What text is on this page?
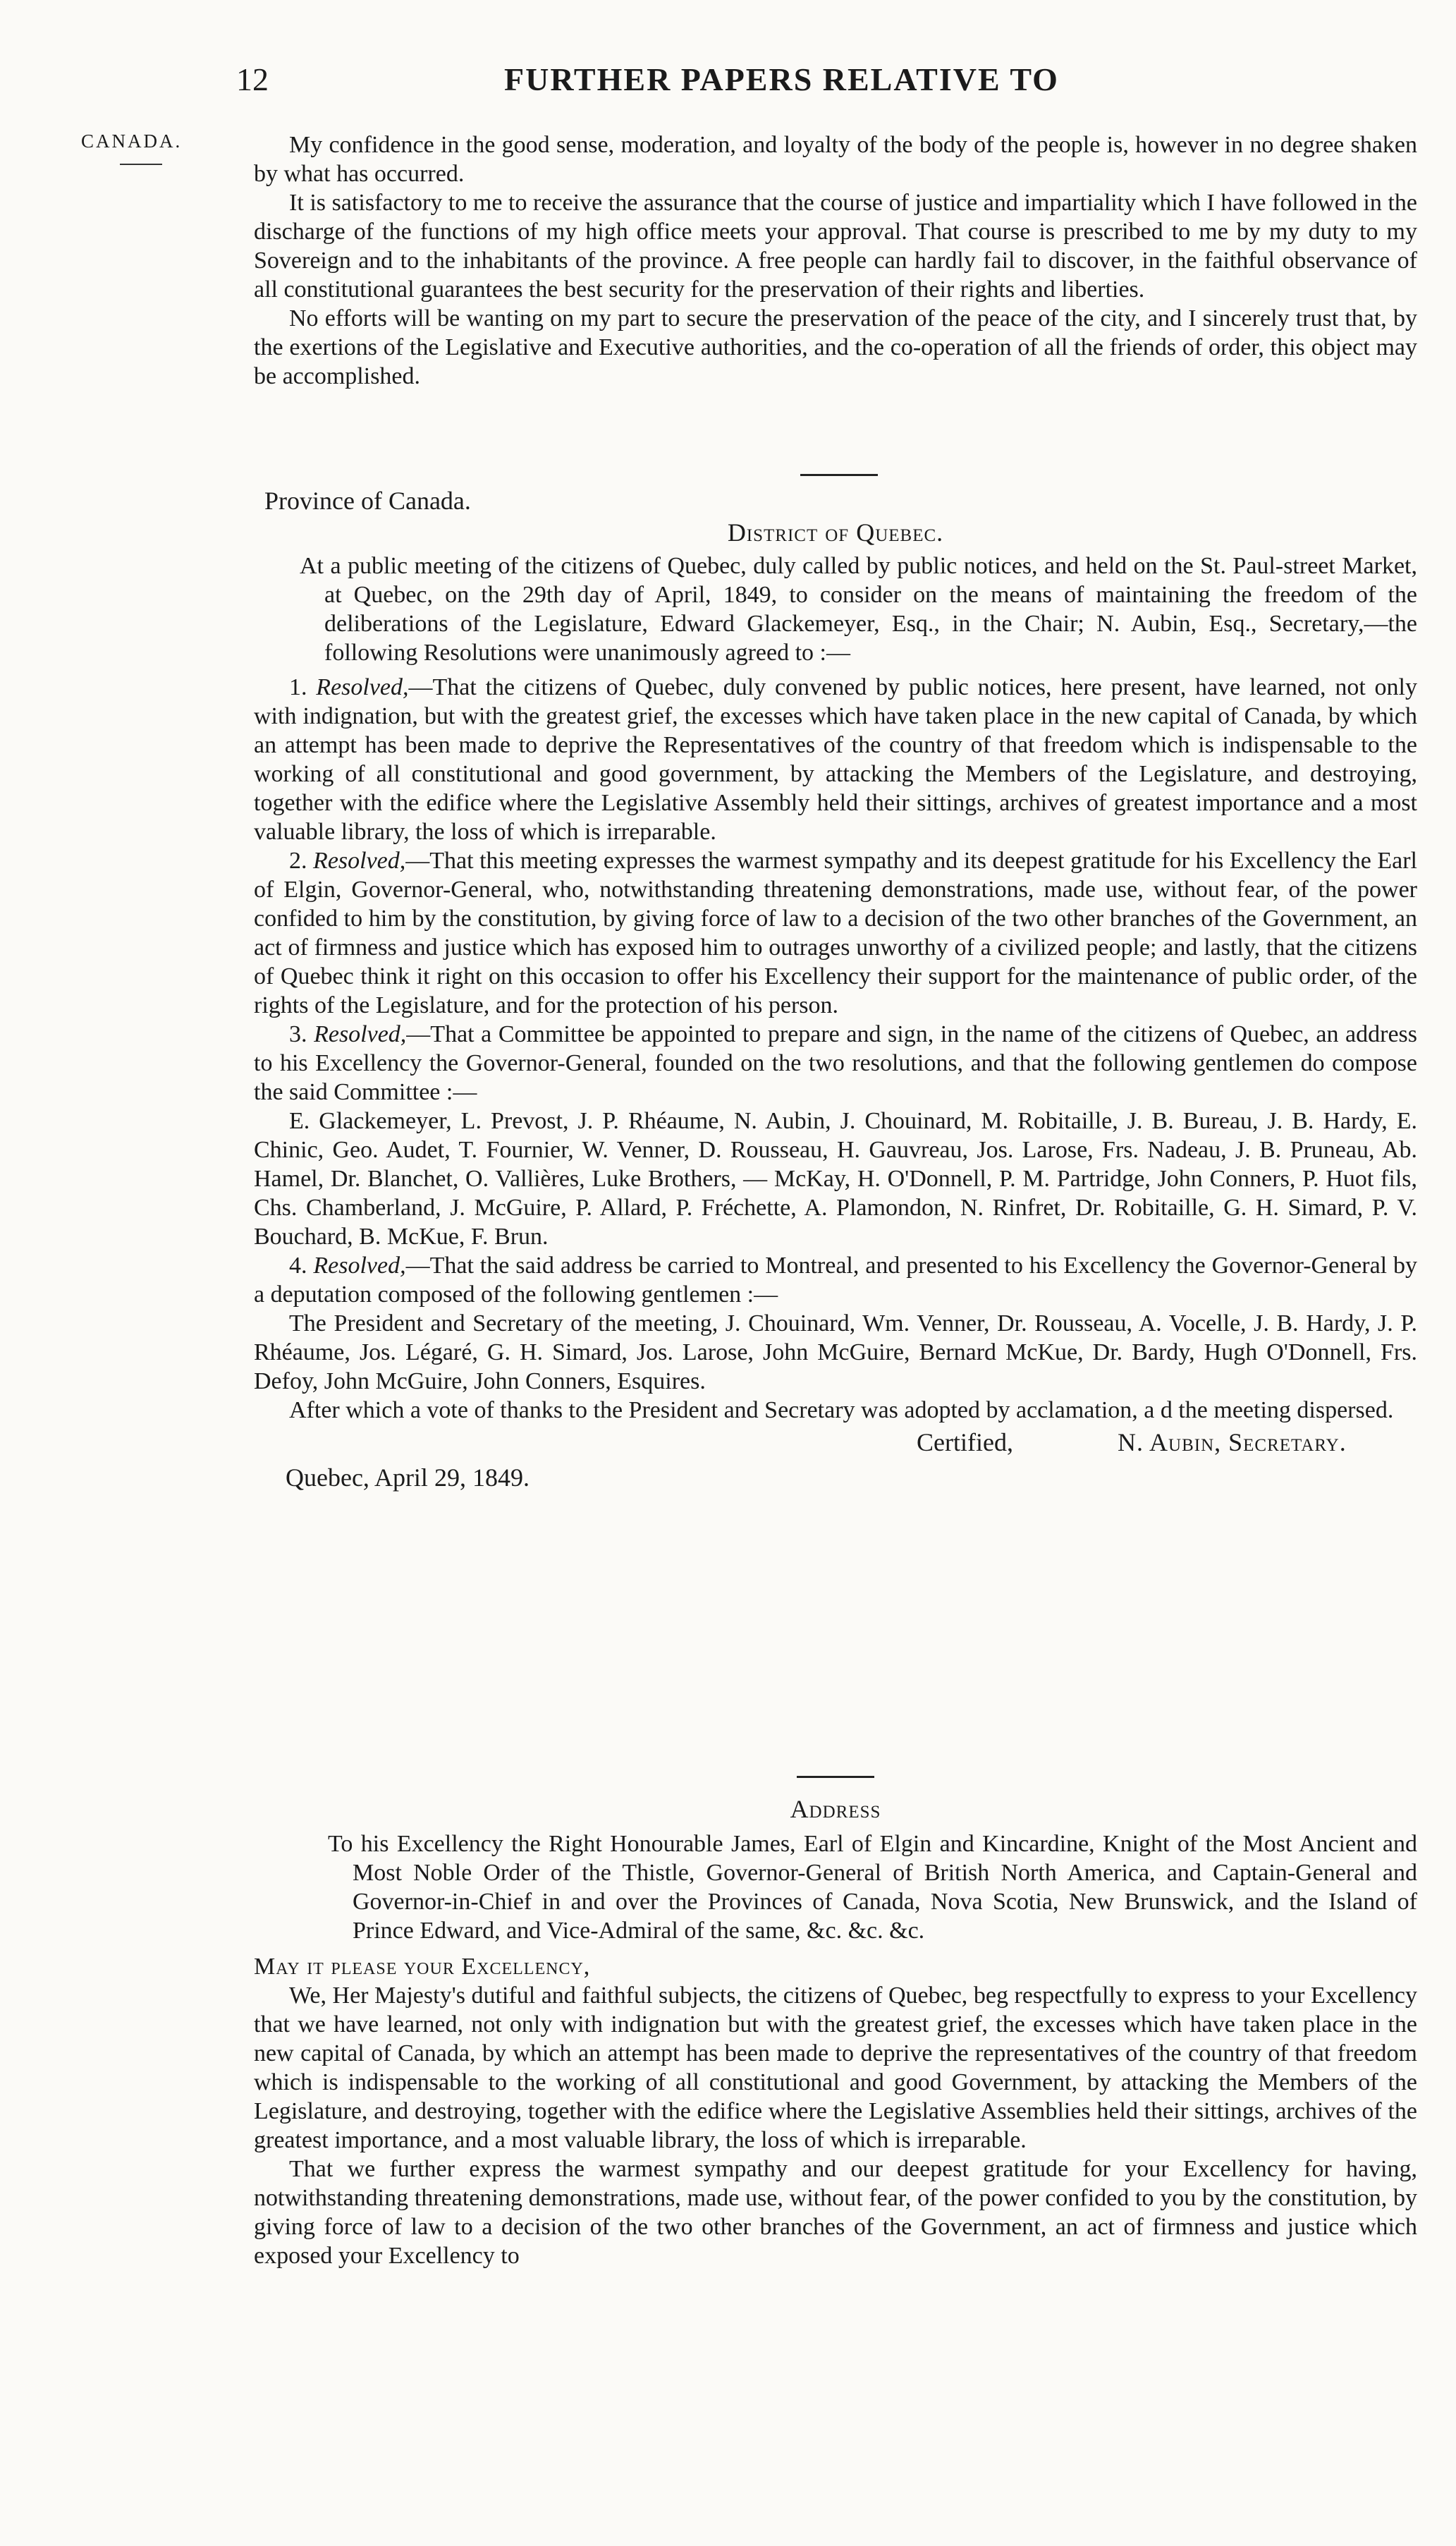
12	FURTHER PAPERS RELATIVE TO
CANADA.	My confidence in the good sense, moderation, and loyalty of the body of the people is, however in no degree shaken by what has occurred.

It is satisfactory to me to receive the assurance that the course of justice and impartiality which I have followed in the discharge of the functions of my high office meets your approval. That course is prescribed to me by my duty to my Sovereign and to the inhabitants of the province. A free people can hardly fail to discover, in the faithful observance of all constitutional guarantees the best security for the preservation of their rights and liberties.

No efforts will be wanting on my part to secure the preservation of the peace of the city, and I sincerely trust that, by the exertions of the Legislative and Executive authorities, and the co-operation of all the friends of order, this object may be accomplished.

Province of Canada.

District of Quebec.

At a public meeting of the citizens of Quebec, duly called by public notices, and held on the St. Paul-street Market, at Quebec, on the 29th day of April, 1849, to consider on the means of maintaining the freedom of the deliberations of the Legislature, Edward Glackemeyer, Esq., in the Chair; N. Aubin, Esq., Secretary,—the following Resolutions were unanimously agreed to :—

1. Resolved,—That the citizens of Quebec, duly convened by public notices, here present, have learned, not only with indignation, but with the greatest grief, the excesses which have taken place in the new capital of Canada, by which an attempt has been made to deprive the Representatives of the country of that freedom which is indispensable to the working of all constitutional and good government, by attacking the Members of the Legislature, and destroying, together with the edifice where the Legislative Assembly held their sittings, archives of greatest importance and a most valuable library, the loss of which is irreparable.

2. Resolved,—That this meeting expresses the warmest sympathy and its deepest gratitude for his Excellency the Earl of Elgin, Governor-General, who, notwithstanding threatening demonstrations, made use, without fear, of the power confided to him by the constitution, by giving force of law to a decision of the two other branches of the Government, an act of firmness and justice which has exposed him to outrages unworthy of a civilized people; and lastly, that the citizens of Quebec think it right on this occasion to offer his Excellency their support for the maintenance of public order, of the rights of the Legislature, and for the protection of his person.

3. Resolved,—That a Committee be appointed to prepare and sign, in the name of the citizens of Quebec, an address to his Excellency the Governor-General, founded on the two resolutions, and that the following gentlemen do compose the said Committee :—

E. Glackemeyer, L. Prevost, J. P. Rhéaume, N. Aubin, J. Chouinard, M. Robitaille, J. B. Bureau, J. B. Hardy, E. Chinic, Geo. Audet, T. Fournier, W. Venner, D. Rousseau, H. Gauvreau, Jos. Larose, Frs. Nadeau, J. B. Pruneau, Ab. Hamel, Dr. Blanchet, O. Vallières, Luke Brothers, — McKay, H. O'Donnell, P. M. Partridge, John Conners, P. Huot fils, Chs. Chamberland, J. McGuire, P. Allard, P. Fréchette, A. Plamondon, N. Rinfret, Dr. Robitaille, G. H. Simard, P. V. Bouchard, B. McKue, F. Brun.

4. Resolved,—That the said address be carried to Montreal, and presented to his Excellency the Governor-General by a deputation composed of the following gentlemen :—

The President and Secretary of the meeting, J. Chouinard, Wm. Venner, Dr. Rousseau, A. Vocelle, J. B. Hardy, J. P. Rhéaume, Jos. Légaré, G. H. Simard, Jos. Larose, John McGuire, Bernard McKue, Dr. Bardy, Hugh O'Donnell, Frs. Defoy, John McGuire, John Conners, Esquires.

After which a vote of thanks to the President and Secretary was adopted by acclamation, a d the meeting dispersed.

Certified,	N. Aubin, Secretary.
Quebec, April 29, 1849.

Address

To his Excellency the Right Honourable James, Earl of Elgin and Kincardine, Knight of the Most Ancient and Most Noble Order of the Thistle, Governor-General of British North America, and Captain-General and Governor-in-Chief in and over the Provinces of Canada, Nova Scotia, New Brunswick, and the Island of Prince Edward, and Vice-Admiral of the same, &c. &c. &c.

May it please your Excellency,

We, Her Majesty's dutiful and faithful subjects, the citizens of Quebec, beg respectfully to express to your Excellency that we have learned, not only with indignation but with the greatest grief, the excesses which have taken place in the new capital of Canada, by which an attempt has been made to deprive the representatives of the country of that freedom which is indispensable to the working of all constitutional and good Government, by attacking the Members of the Legislature, and destroying, together with the edifice where the Legislative Assemblies held their sittings, archives of the greatest importance, and a most valuable library, the loss of which is irreparable.

That we further express the warmest sympathy and our deepest gratitude for your Excellency for having, notwithstanding threatening demonstrations, made use, without fear, of the power confided to you by the constitution, by giving force of law to a decision of the two other branches of the Government, an act of firmness and justice which exposed your Excellency to
